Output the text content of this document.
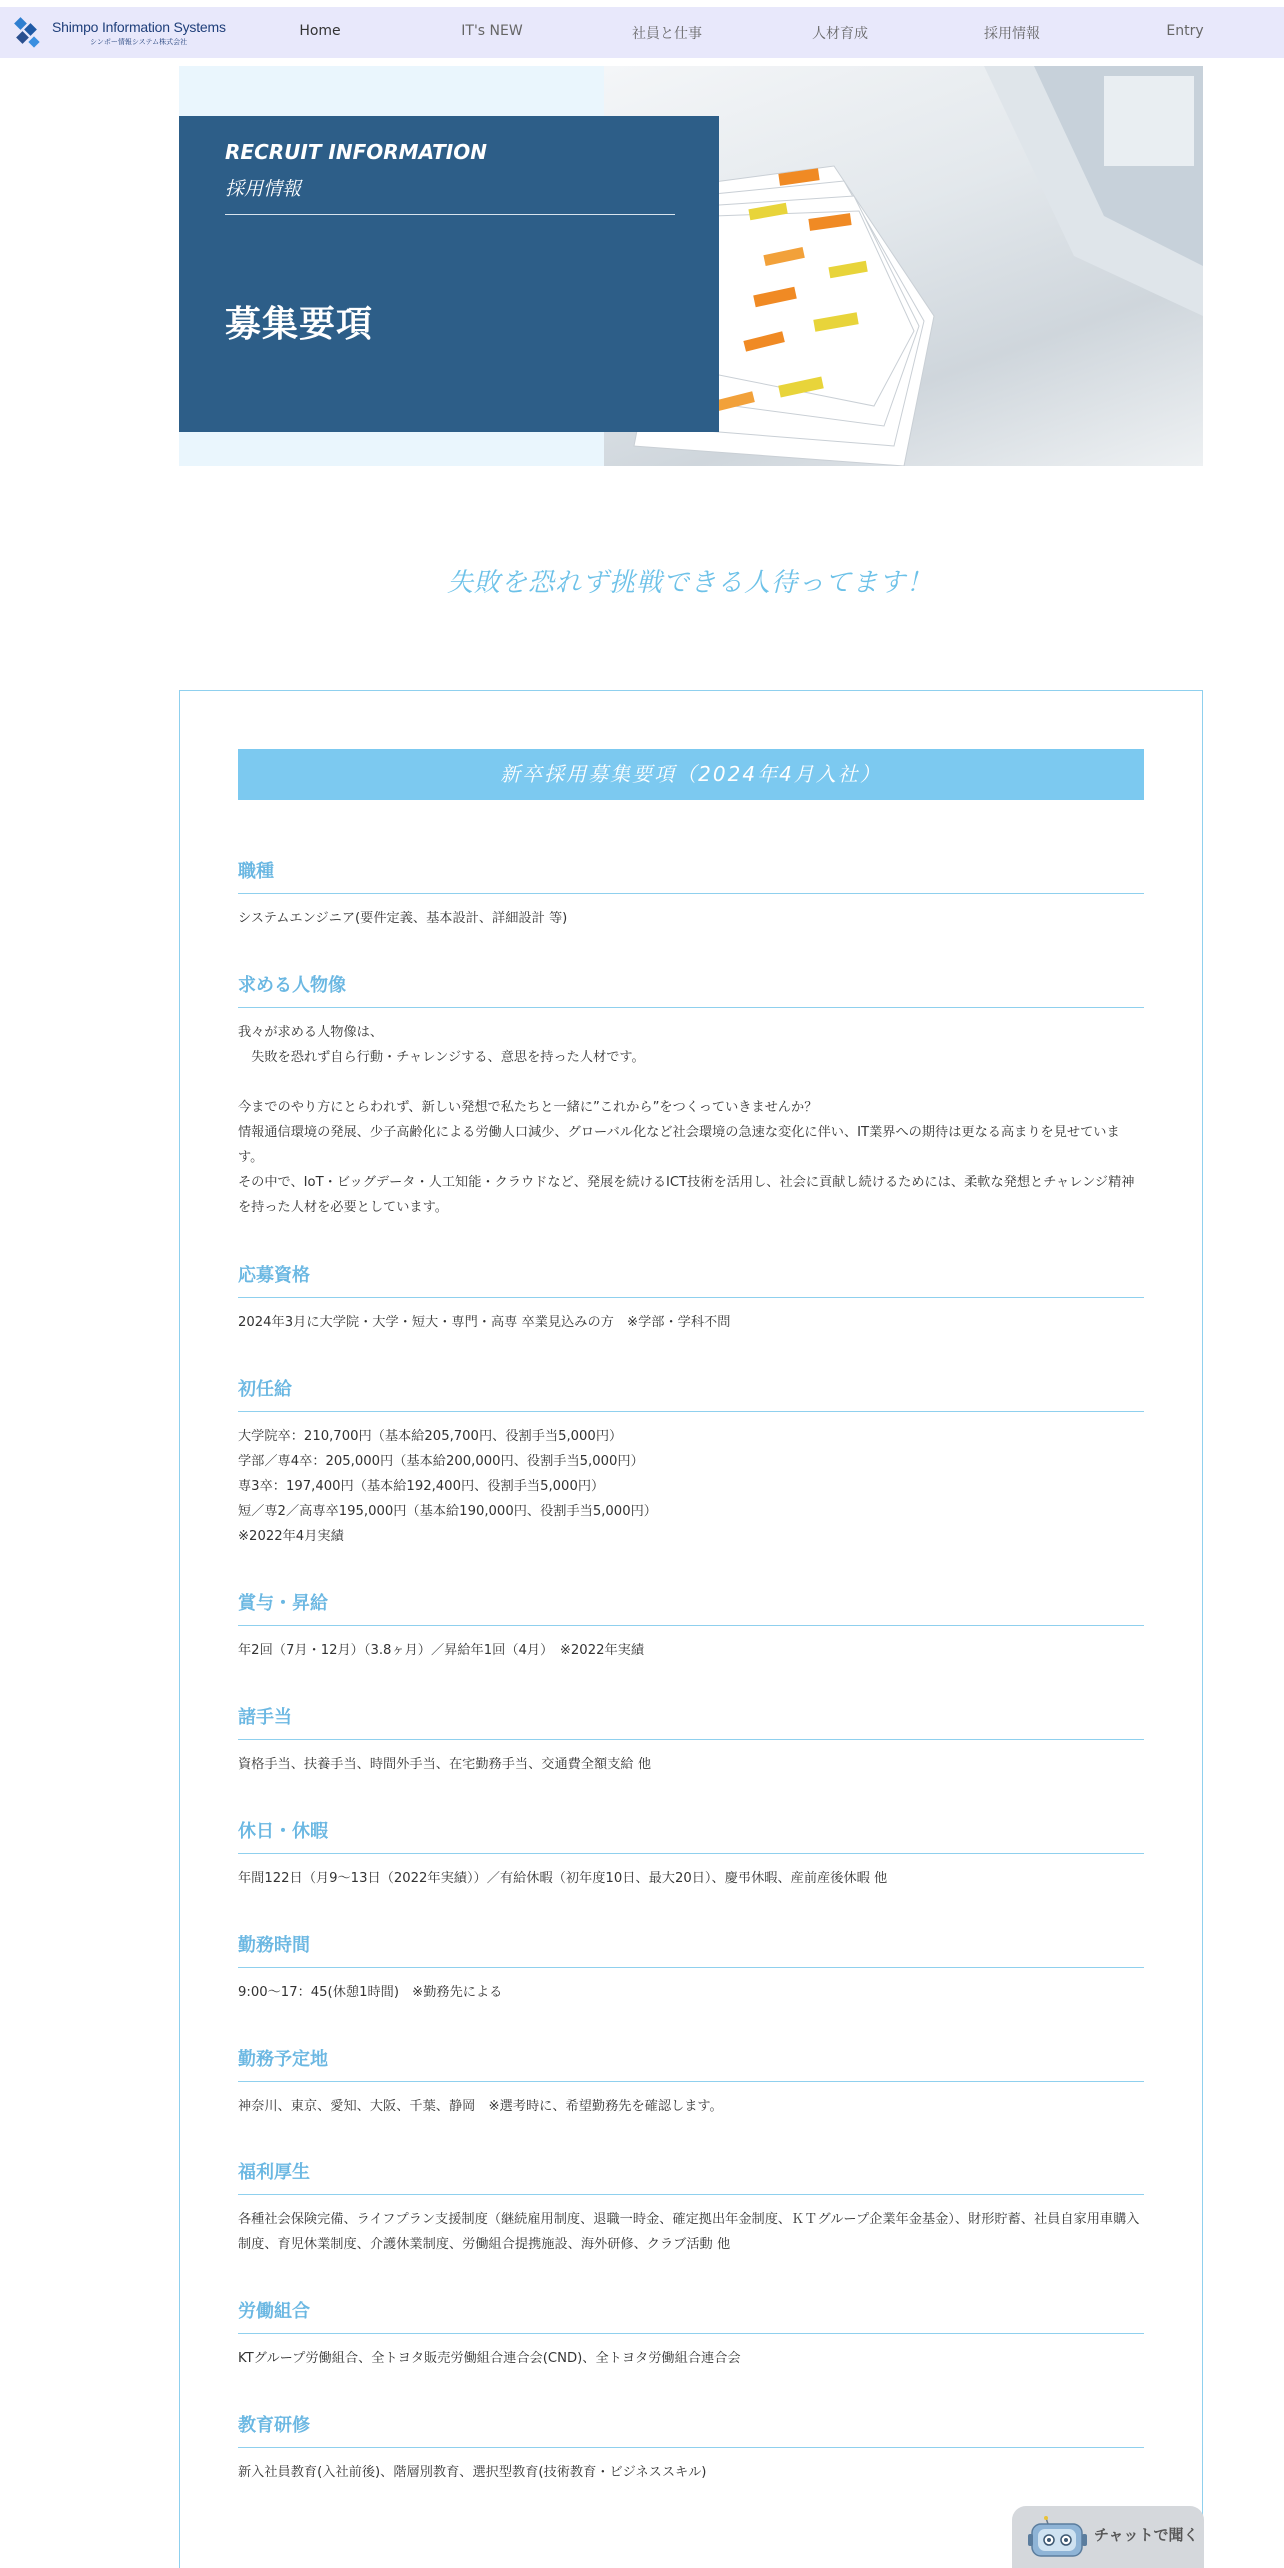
Shimpo Information Systems
シンポー情報システム株式会社
Home	IT's NEW	社員と仕事	人材育成	採用情報	Entry
RECRUIT INFORMATION
採用情報
募集要項
失敗を恐れず挑戦できる人待ってます！
新卒採用募集要項（2024年4月入社）
職種
システムエンジニア(要件定義、基本設計、詳細設計 等)
求める人物像
我々が求める人物像は、
　失敗を恐れず自ら行動・チャレンジする、意思を持った人材です。

今までのやり方にとらわれず、新しい発想で私たちと一緒に”これから”をつくっていきませんか？
情報通信環境の発展、少子高齢化による労働人口減少、グローバル化など社会環境の急速な変化に伴い、IT業界への期待は更なる高まりを見せています。
その中で、IoT・ビッグデータ・人工知能・クラウドなど、発展を続けるICT技術を活用し、社会に貢献し続けるためには、柔軟な発想とチャレンジ精神を持った人材を必要としています。
応募資格
2024年3月に大学院・大学・短大・専門・高専 卒業見込みの方　※学部・学科不問
初任給
大学院卒：210,700円（基本給205,700円、役割手当5,000円）
学部／専4卒：205,000円（基本給200,000円、役割手当5,000円）
専3卒：197,400円（基本給192,400円、役割手当5,000円）
短／専2／高専卒195,000円（基本給190,000円、役割手当5,000円）
※2022年4月実績
賞与・昇給
年2回（7月・12月）（3.8ヶ月）／昇給年1回（4月）　※2022年実績
諸手当
資格手当、扶養手当、時間外手当、在宅勤務手当、交通費全額支給 他
休日・休暇
年間122日（月9〜13日（2022年実績））／有給休暇（初年度10日、最大20日）、慶弔休暇、産前産後休暇 他
勤務時間
9:00〜17：45(休憩1時間)　※勤務先による
勤務予定地
神奈川、東京、愛知、大阪、千葉、静岡　※選考時に、希望勤務先を確認します。
福利厚生
各種社会保険完備、ライフプラン支援制度（継続雇用制度、退職一時金、確定拠出年金制度、ＫＴグループ企業年金基金）、財形貯蓄、社員自家用車購入制度、育児休業制度、介護休業制度、労働組合提携施設、海外研修、クラブ活動 他
労働組合
KTグループ労働組合、全トヨタ販売労働組合連合会(CND)、全トヨタ労働組合連合会
教育研修
新入社員教育(入社前後)、階層別教育、選択型教育(技術教育・ビジネススキル)
チャットで聞く
